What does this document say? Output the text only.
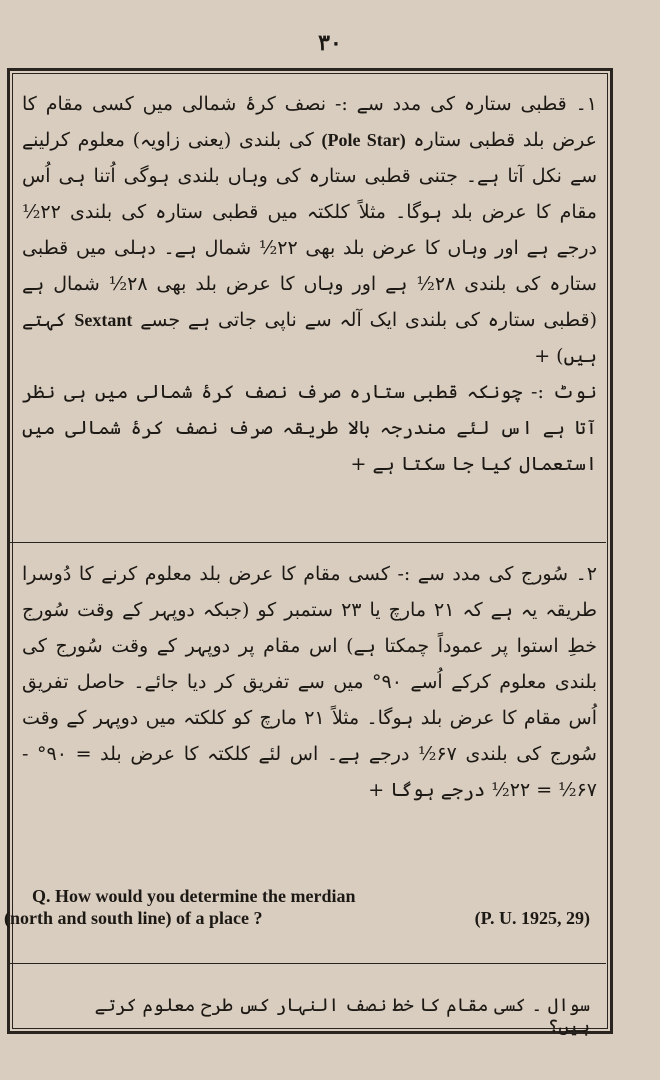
۳۰

۱۔ قطبی ستارہ کی مدد سے :- نصف کرۂ شمالی میں کسی مقام کا عرض بلد قطبی ستارہ (Pole Star) کی بلندی (یعنی زاویہ) معلوم کرلینے سے نکل آتا ہے۔ جتنی قطبی ستارہ کی وہاں بلندی ہوگی اُتنا ہی اُس مقام کا عرض بلد ہوگا۔ مثلاً کلکتہ میں قطبی ستارہ کی بلندی ۲۲½ درجے ہے اور وہاں کا عرض بلد بھی ۲۲½ شمال ہے۔ دہلی میں قطبی ستارہ کی بلندی ۲۸½ ہے اور وہاں کا عرض بلد بھی ۲۸½ شمال ہے (قطبی ستارہ کی بلندی ایک آلہ سے ناپی جاتی ہے جسے Sextant کہتے ہیں) +

نوٹ :- چونکہ قطبی ستارہ صرف نصف کرۂ شمالی میں ہی نظر آتا ہے اس لئے مندرجہ بالا طریقہ صرف نصف کرۂ شمالی میں استعمال کیا جا سکتا ہے +

۲۔ سُورج کی مدد سے :- کسی مقام کا عرض بلد معلوم کرنے کا دُوسرا طریقہ یہ ہے کہ ۲۱ مارچ یا ۲۳ ستمبر کو (جبکہ دوپہر کے وقت سُورج خطِ استوا پر عموداً چمکتا ہے) اس مقام پر دوپہر کے وقت سُورج کی بلندی معلوم کرکے اُسے ۹۰° میں سے تفریق کر دیا جائے۔ حاصل تفریق اُس مقام کا عرض بلد ہوگا۔ مثلاً ۲۱ مارچ کو کلکتہ میں دوپہر کے وقت سُورج کی بلندی ۶۷½ درجے ہے۔ اس لئے کلکتہ کا عرض بلد = ۹۰° - ۶۷½ = ۲۲½ درجے ہوگا +

Q. How would you determine the merdian
(north and south line) of a place ?	(P. U. 1925, 29)
سوال ۔ کسی مقام کا خط نصف النہار کس طرح معلوم کرتے ہیں؟
